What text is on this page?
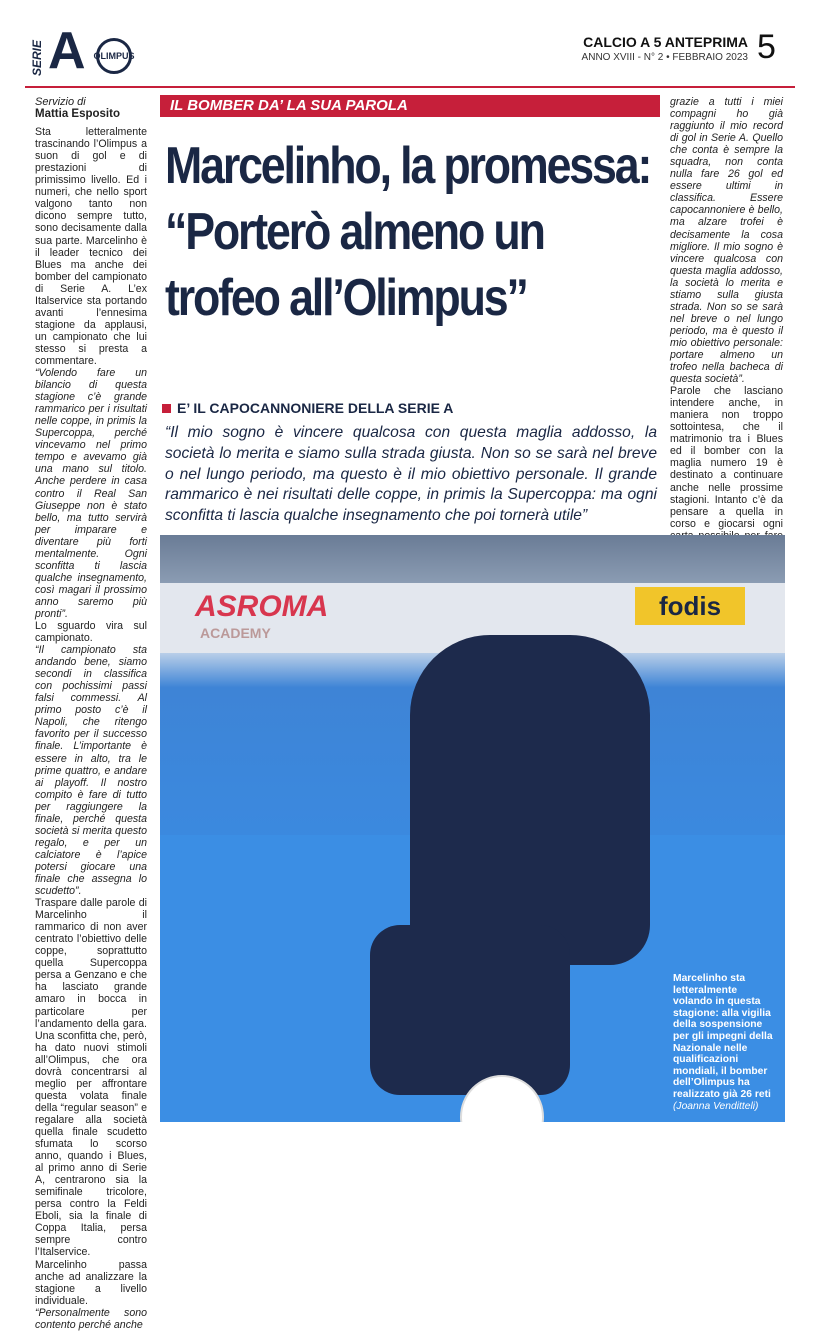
SERIE A OLIMPUS
CALCIO A 5 ANTEPRIMA
ANNO XVIII - N° 2 • FEBBRAIO 2023 5
Servizio di
Mattia Esposito

Sta letteralmente trascinando l’Olimpus a suon di gol e di prestazioni di primissimo livello. Ed i numeri, che nello sport valgono tanto non dicono sempre tutto, sono decisamente dalla sua parte. Marcelinho è il leader tecnico dei Blues ma anche dei bomber del campionato di Serie A. L’ex Italservice sta portando avanti l’ennesima stagione da applausi, un campionato che lui stesso si presta a commentare.

“Volendo fare un bilancio di questa stagione c’è grande rammarico per i risultati nelle coppe, in primis la Supercoppa, perché vincevamo nel primo tempo e avevamo già una mano sul titolo. Anche perdere in casa contro il Real San Giuseppe non è stato bello, ma tutto servirà per imparare e diventare più forti mentalmente. Ogni sconfitta ti lascia qualche insegnamento, così magari il prossimo anno saremo più pronti”.

Lo sguardo vira sul campionato.

“Il campionato sta andando bene, siamo secondi in classifica con pochissimi passi falsi commessi. Al primo posto c’è il Napoli, che ritengo favorito per il successo finale. L’importante è essere in alto, tra le prime quattro, e andare ai playoff. Il nostro compito è fare di tutto per raggiungere la finale, perché questa società si merita questo regalo, e per un calciatore è l’apice potersi giocare una finale che assegna lo scudetto”.

Traspare dalle parole di Marcelinho il rammarico di non aver centrato l’obiettivo delle coppe, soprattutto quella Supercoppa persa a Genzano e che ha lasciato grande amaro in bocca in particolare per l’andamento della gara. Una sconfitta che, però, ha dato nuovi stimoli all’Olimpus, che ora dovrà concentrarsi al meglio per affrontare questa volata finale della “regular season” e regalare alla società quella finale scudetto sfumata lo scorso anno, quando i Blues, al primo anno di Serie A, centrarono sia la semifinale tricolore, persa contro la Feldi Eboli, sia la finale di Coppa Italia, persa sempre contro l’Italservice.

Marcelinho passa anche ad analizzare la stagione a livello individuale.

“Personalmente sono contento perché anche

IL BOMBER DA’ LA SUA PAROLA
Marcelinho, la promessa: “Porterò almeno un trofeo all’Olimpus”
E’ IL CAPOCANNONIERE DELLA SERIE A
“Il mio sogno è vincere qualcosa con questa maglia addosso, la società lo merita e siamo sulla strada giusta. Non so se sarà nel breve o nel lungo periodo, ma questo è il mio obiettivo personale. Il grande rammarico è nei risultati delle coppe, in primis la Supercoppa: ma ogni sconfitta ti lascia qualche insegnamento che poi tornerà utile”

grazie a tutti i miei compagni ho già raggiunto il mio record di gol in Serie A. Quello che conta è sempre la squadra, non conta nulla fare 26 gol ed essere ultimi in classifica. Essere capocannoniere è bello, ma alzare trofei è decisamente la cosa migliore. Il mio sogno è vincere qualcosa con questa maglia addosso, la società lo merita e stiamo sulla giusta strada. Non so se sarà nel breve o nel lungo periodo, ma è questo il mio obiettivo personale: portare almeno un trofeo nella bacheca di questa società”.

Parole che lasciano intendere anche, in maniera non troppo sottointesa, che il matrimonio tra i Blues ed il bomber con la maglia numero 19 è destinato a continuare anche nelle prossime stagioni. Intanto c’è da pensare a quella in corso e giocarsi ogni

ASROMA
ACADEMY
fodis
Marcelinho sta letteralmente volando in questa stagione: alla vigilia della sospensione per gli impegni della Nazionale nelle qualificazioni mondiali, il bomber dell’Olimpus ha realizzato già 26 reti (Joanna Venditteli)
